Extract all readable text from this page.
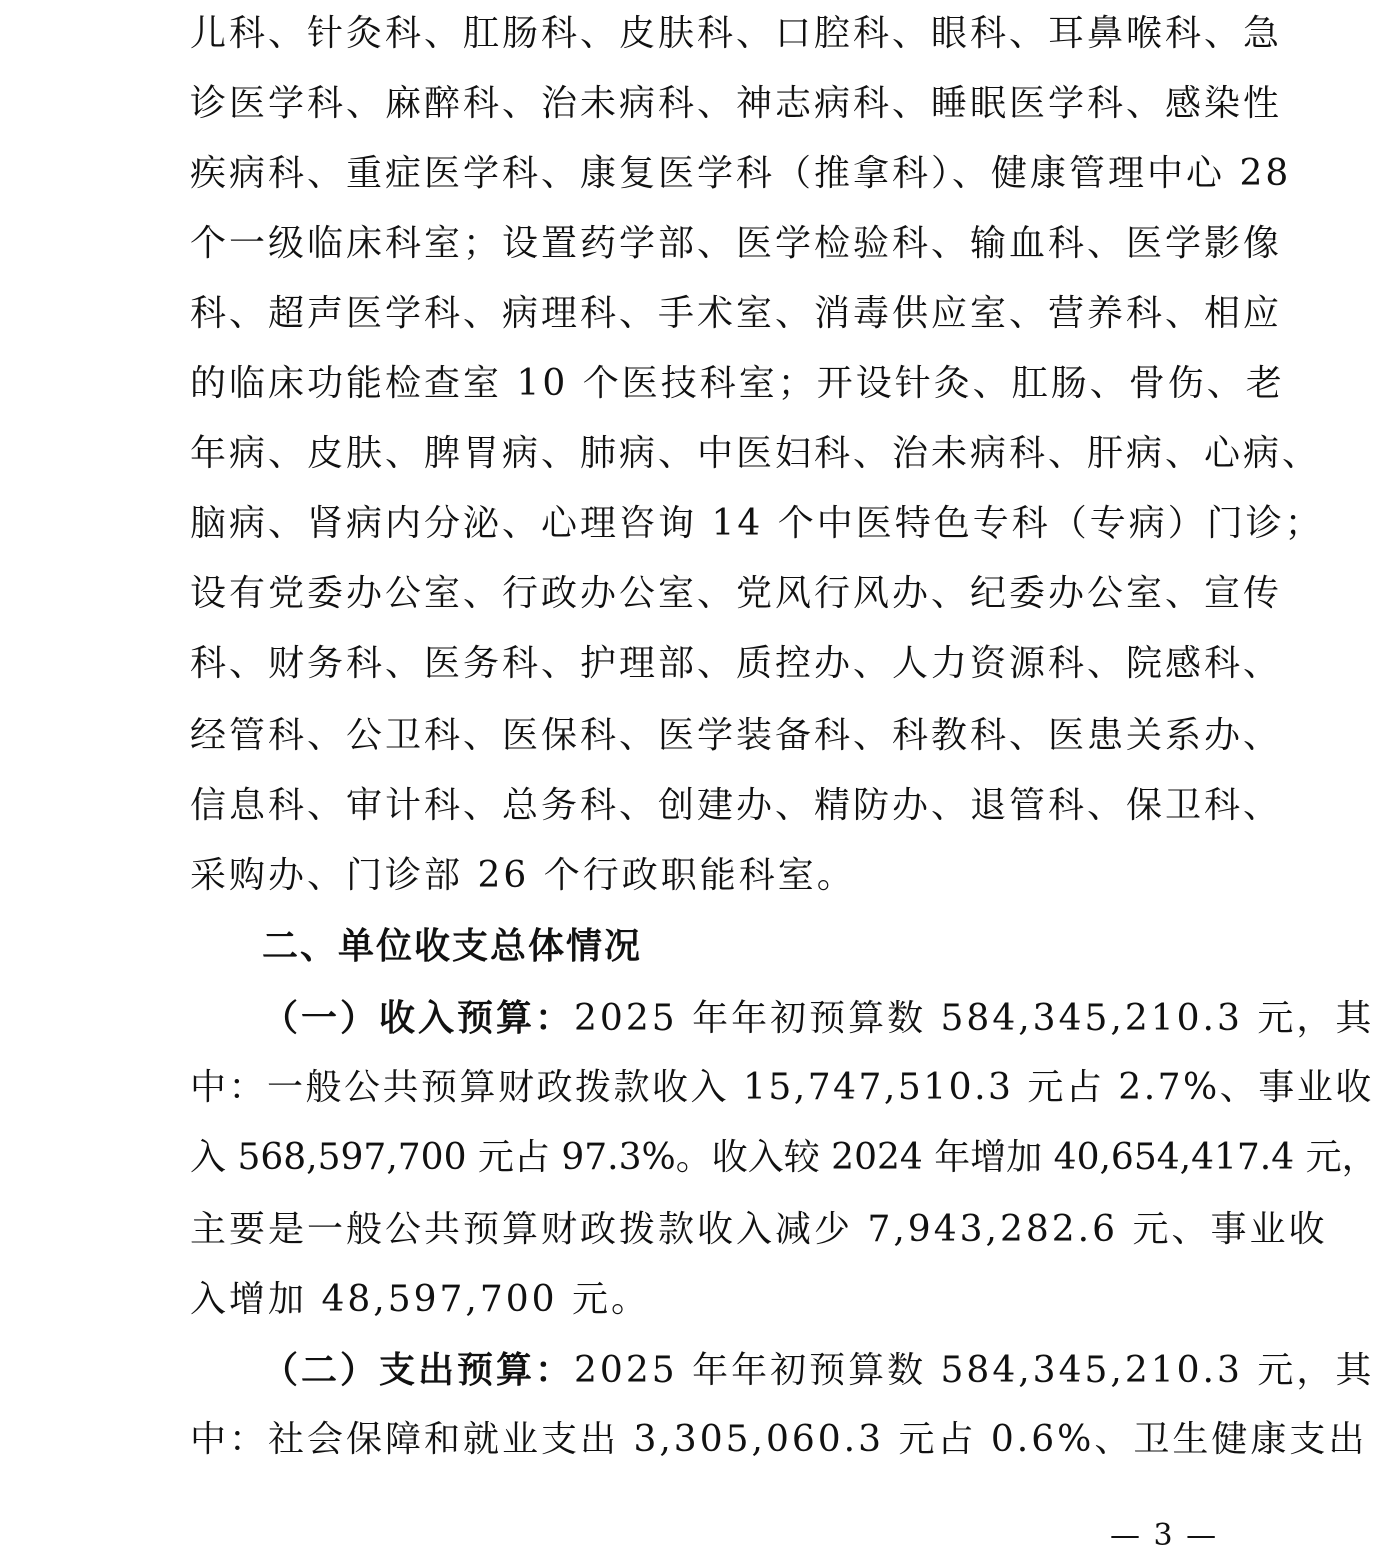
儿科、针灸科、肛肠科、皮肤科、口腔科、眼科、耳鼻喉科、急
诊医学科、麻醉科、治未病科、神志病科、睡眠医学科、感染性
疾病科、重症医学科、康复医学科（推拿科）、健康管理中心 28
个一级临床科室；设置药学部、医学检验科、输血科、医学影像
科、超声医学科、病理科、手术室、消毒供应室、营养科、相应
的临床功能检查室 10 个医技科室；开设针灸、肛肠、骨伤、老
年病、皮肤、脾胃病、肺病、中医妇科、治未病科、肝病、心病、
脑病、肾病内分泌、心理咨询 14 个中医特色专科（专病）门诊；
设有党委办公室、行政办公室、党风行风办、纪委办公室、宣传
科、财务科、医务科、护理部、质控办、人力资源科、院感科、
经管科、公卫科、医保科、医学装备科、科教科、医患关系办、
信息科、审计科、总务科、创建办、精防办、退管科、保卫科、
采购办、门诊部 26 个行政职能科室。
二、单位收支总体情况
（一）收入预算：2025 年年初预算数 584,345,210.3 元，其
中：一般公共预算财政拨款收入 15,747,510.3 元占 2.7%、事业收
入 568,597,700 元占 97.3%。收入较 2024 年增加 40,654,417.4 元，
主要是一般公共预算财政拨款收入减少 7,943,282.6 元、事业收
入增加 48,597,700 元。
（二）支出预算：2025 年年初预算数 584,345,210.3 元，其
中：社会保障和就业支出 3,305,060.3 元占 0.6%、卫生健康支出
— 3 —
